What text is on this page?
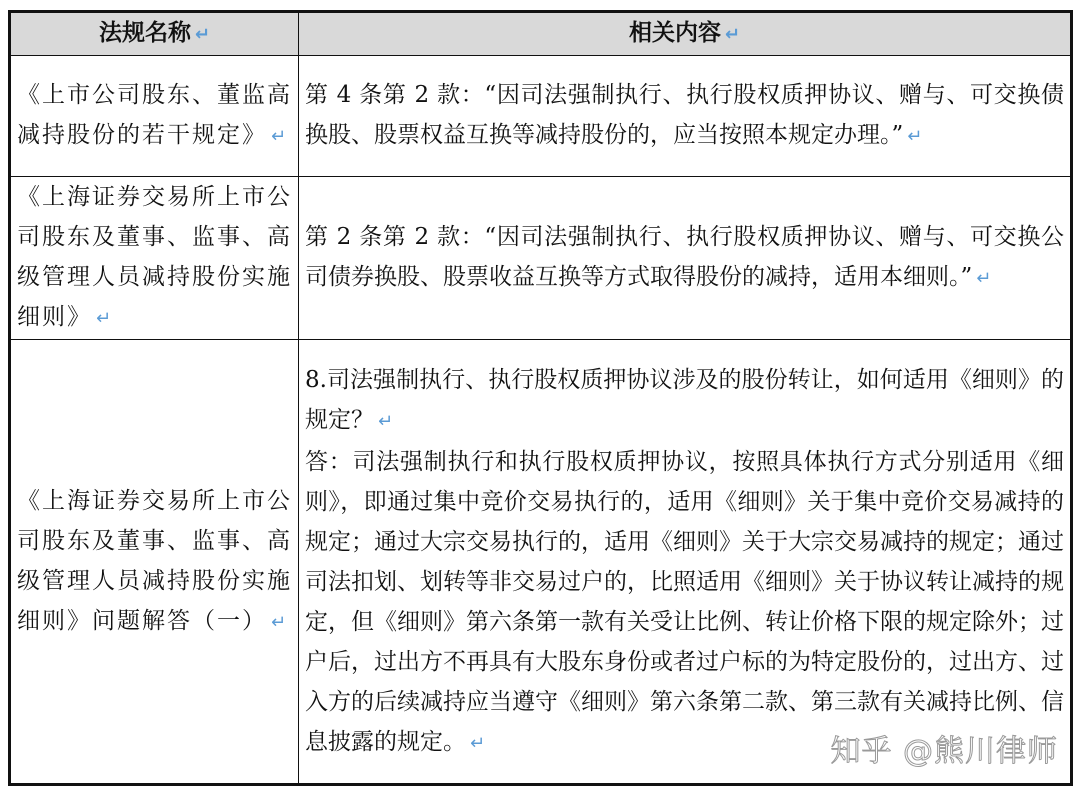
法规名称 ↵	相关内容 ↵
《上市公司股东、董监高减持股份的若干规定》 ↵	第 4 条第 2 款：“因司法强制执行、执行股权质押协议、赠与、可交换债换股、股票权益互换等减持股份的，应当按照本规定办理。” ↵
《上海证券交易所上市公司股东及董事、监事、高级管理人员减持股份实施细则》 ↵	第 2 条第 2 款：“因司法强制执行、执行股权质押协议、赠与、可交换公司债券换股、股票收益互换等方式取得股份的减持，适用本细则。” ↵
《上海证券交易所上市公司股东及董事、监事、高级管理人员减持股份实施细则》问题解答（一） ↵	8.司法强制执行、执行股权质押协议涉及的股份转让，如何适用《细则》的规定？ ↵
答：司法强制执行和执行股权质押协议，按照具体执行方式分别适用《细则》，即通过集中竞价交易执行的，适用《细则》关于集中竞价交易减持的规定；通过大宗交易执行的，适用《细则》关于大宗交易减持的规定；通过司法扣划、划转等非交易过户的，比照适用《细则》关于协议转让减持的规定，但《细则》第六条第一款有关受让比例、转让价格下限的规定除外；过户后，过出方不再具有大股东身份或者过户标的为特定股份的，过出方、过入方的后续减持应当遵守《细则》第六条第二款、第三款有关减持比例、信息披露的规定。 ↵	知乎 @熊川律师
